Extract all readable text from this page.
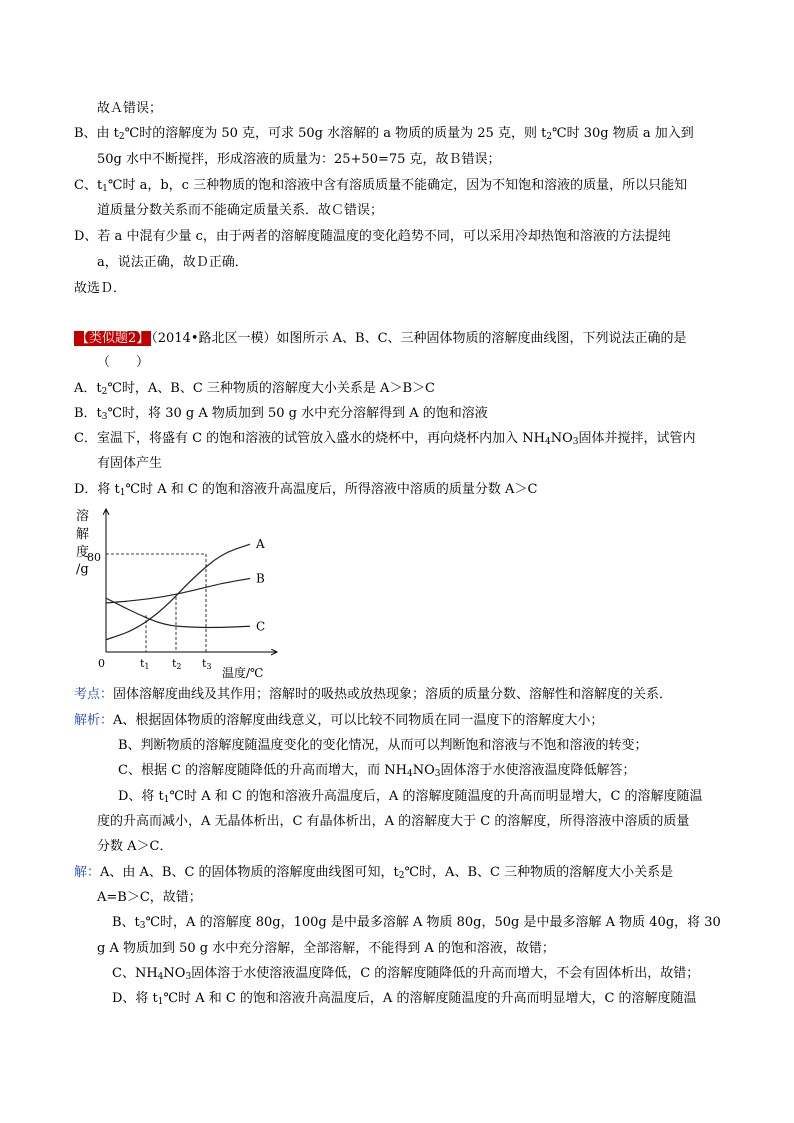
故Ａ错误；
B、由 $t_2℃$时的溶解度为 50 克，可求 50g 水溶解的 a 物质的质量为 25 克，则 $t_2℃$时 30g 物质 a 加入到
50g 水中不断搅拌，形成溶液的质量为：25+50=75 克，故Ｂ错误；
C、$t_1℃$时 a，b，c 三种物质的饱和溶液中含有溶质质量不能确定，因为不知饱和溶液的质量，所以只能知
道质量分数关系而不能确定质量关系．故Ｃ错误；
D、若 a 中混有少量 c，由于两者的溶解度随温度的变化趋势不同，可以采用冷却热饱和溶液的方法提纯
a，说法正确，故Ｄ正确．
故选Ｄ．
【类似题2】 （2014•路北区一模）如图所示 A、B、C、三种固体物质的溶解度曲线图，下列说法正确的是
（　　）
A．$t_2℃$时，A、B、C 三种物质的溶解度大小关系是 A＞B＞C
B．$t_3℃$时，将 30 g A 物质加到 50 g 水中充分溶解得到 A 的饱和溶液
C．室温下，将盛有 C 的饱和溶液的试管放入盛水的烧杯中，再向烧杯内加入 $NH_4NO_3$固体并搅拌，试管内
有固体产生
D．将 $t_1℃$时 A 和 C 的饱和溶液升高温度后，所得溶液中溶质的质量分数 A＞C
溶
解
度
/g
80
0	t1 t2 t3 温度/℃
A
B
C
考点：固体溶解度曲线及其作用；溶解时的吸热或放热现象；溶质的质量分数、溶解性和溶解度的关系．
解析：A、根据固体物质的溶解度曲线意义，可以比较不同物质在同一温度下的溶解度大小；
B、判断物质的溶解度随温度变化的变化情况，从而可以判断饱和溶液与不饱和溶液的转变；
C、根据 C 的溶解度随降低的升高而增大，而 $NH_4NO_3$固体溶于水使溶液温度降低解答；
D、将 $t_1℃$时 A 和 C 的饱和溶液升高温度后，A 的溶解度随温度的升高而明显增大，C 的溶解度随温
度的升高而减小，A 无晶体析出，C 有晶体析出，A 的溶解度大于 C 的溶解度，所得溶液中溶质的质量
分数 A＞C．
解：A、由 A、B、C 的固体物质的溶解度曲线图可知，$t_2℃$时，A、B、C 三种物质的溶解度大小关系是
A=B＞C，故错；
B、$t_3℃$时，A 的溶解度 80g，100g 是中最多溶解 A 物质 80g，50g 是中最多溶解 A 物质 40g，将 30
g A 物质加到 50 g 水中充分溶解，全部溶解，不能得到 A 的饱和溶液，故错；
C、$NH_4NO_3$固体溶于水使溶液温度降低，C 的溶解度随降低的升高而增大，不会有固体析出，故错；
D、将 $t_1℃$时 A 和 C 的饱和溶液升高温度后，A 的溶解度随温度的升高而明显增大，C 的溶解度随温
